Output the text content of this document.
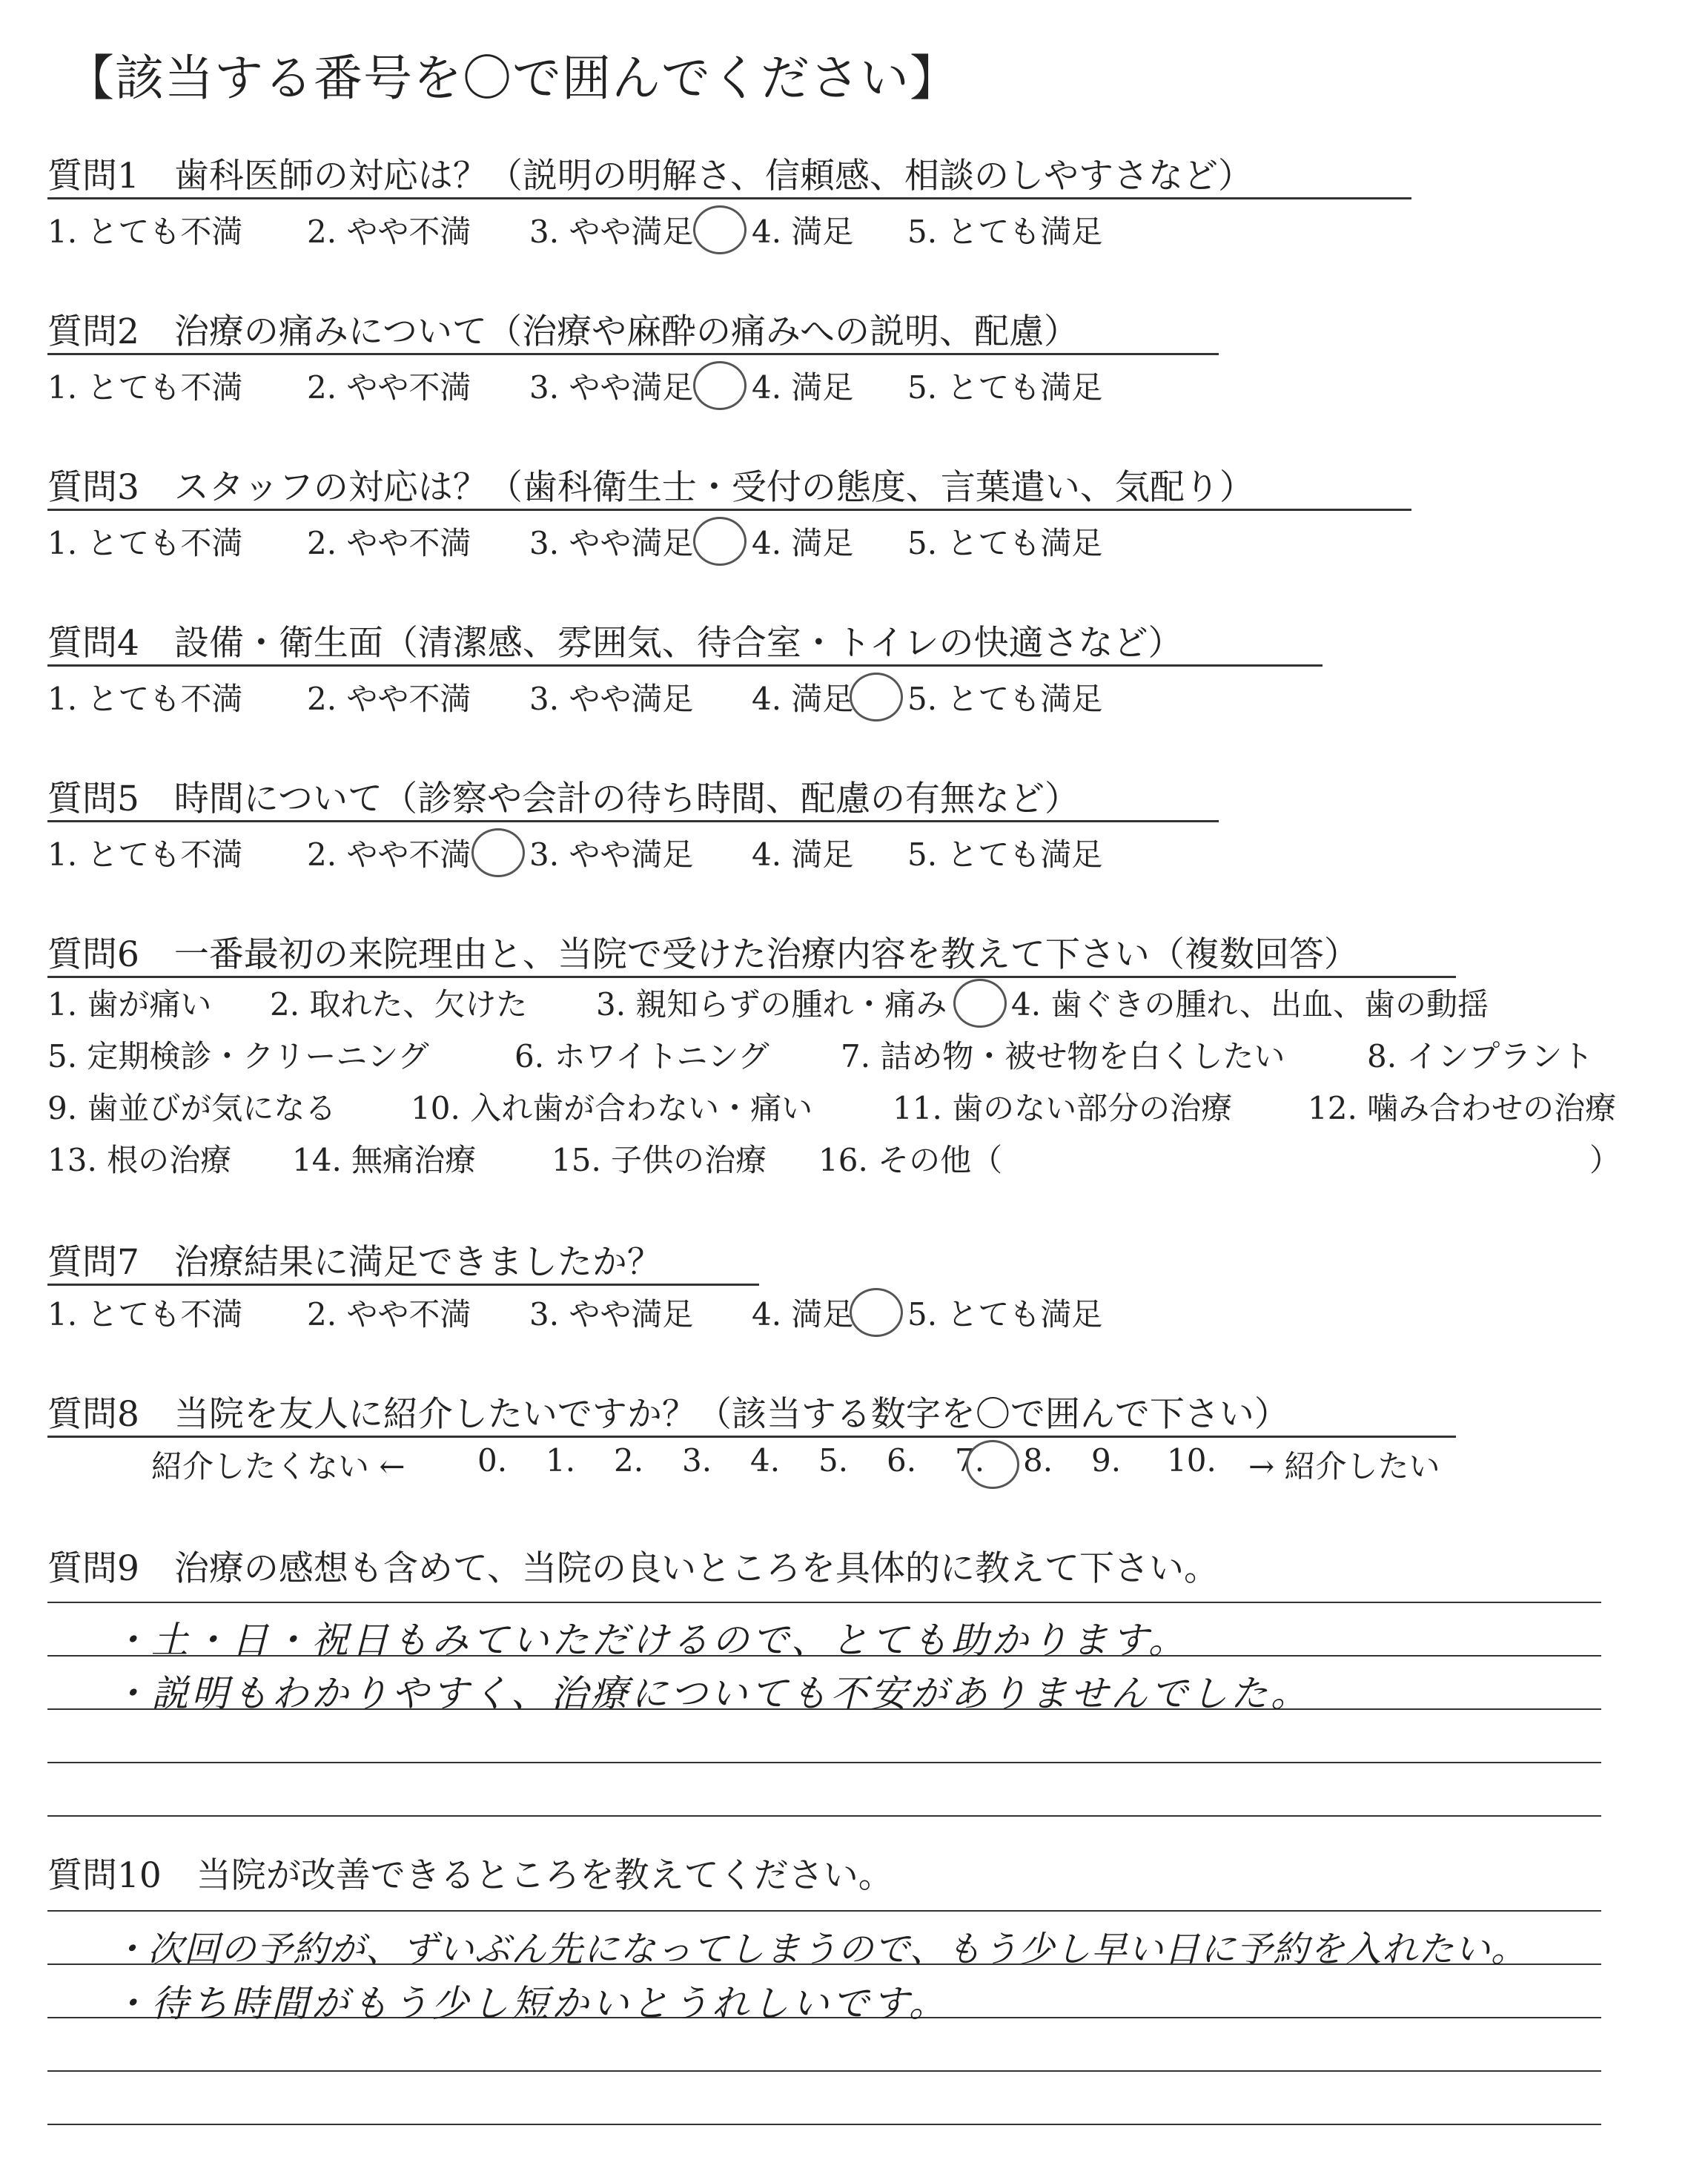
【該当する番号を〇で囲んでください】
質問1　歯科医師の対応は？（説明の明解さ、信頼感、相談のしやすさなど）
1. とても不満 2. やや不満 3. やや満足 4. 満足 5. とても満足
質問2　治療の痛みについて（治療や麻酔の痛みへの説明、配慮）
1. とても不満 2. やや不満 3. やや満足 4. 満足 5. とても満足
質問3　スタッフの対応は？（歯科衛生士・受付の態度、言葉遣い、気配り）
1. とても不満 2. やや不満 3. やや満足 4. 満足 5. とても満足
質問4　設備・衛生面（清潔感、雰囲気、待合室・トイレの快適さなど）
1. とても不満 2. やや不満 3. やや満足 4. 満足 5. とても満足
質問5　時間について（診察や会計の待ち時間、配慮の有無など）
1. とても不満 2. やや不満 3. やや満足 4. 満足 5. とても満足
質問6　一番最初の来院理由と、当院で受けた治療内容を教えて下さい（複数回答）
1. 歯が痛い 2. 取れた、欠けた 3. 親知らずの腫れ・痛み 4. 歯ぐきの腫れ、出血、歯の動揺
5. 定期検診・クリーニング	6. ホワイトニング 7. 詰め物・被せ物を白くしたい	8. インプラント
9. 歯並びが気になる 10. 入れ歯が合わない・痛い	11. 歯のない部分の治療 12. 噛み合わせの治療
13. 根の治療 14. 無痛治療 15. 子供の治療 16. その他（	）
質問7　治療結果に満足できましたか？
1. とても不満 2. やや不満 3. やや満足 4. 満足 5. とても満足
質問8　当院を友人に紹介したいですか？（該当する数字を〇で囲んで下さい）
紹介したくない ← 0. 1. 2. 3. 4. 5. 6. 7. 8. 9. 10. → 紹介したい
質問9　治療の感想も含めて、当院の良いところを具体的に教えて下さい。
・土・日・祝日もみていただけるので、とても助かります。
・説明もわかりやすく、治療についても不安がありませんでした。
質問10　当院が改善できるところを教えてください。
・次回の予約が、ずいぶん先になってしまうので、もう少し早い日に予約を入れたい。
・待ち時間がもう少し短かいとうれしいです。
